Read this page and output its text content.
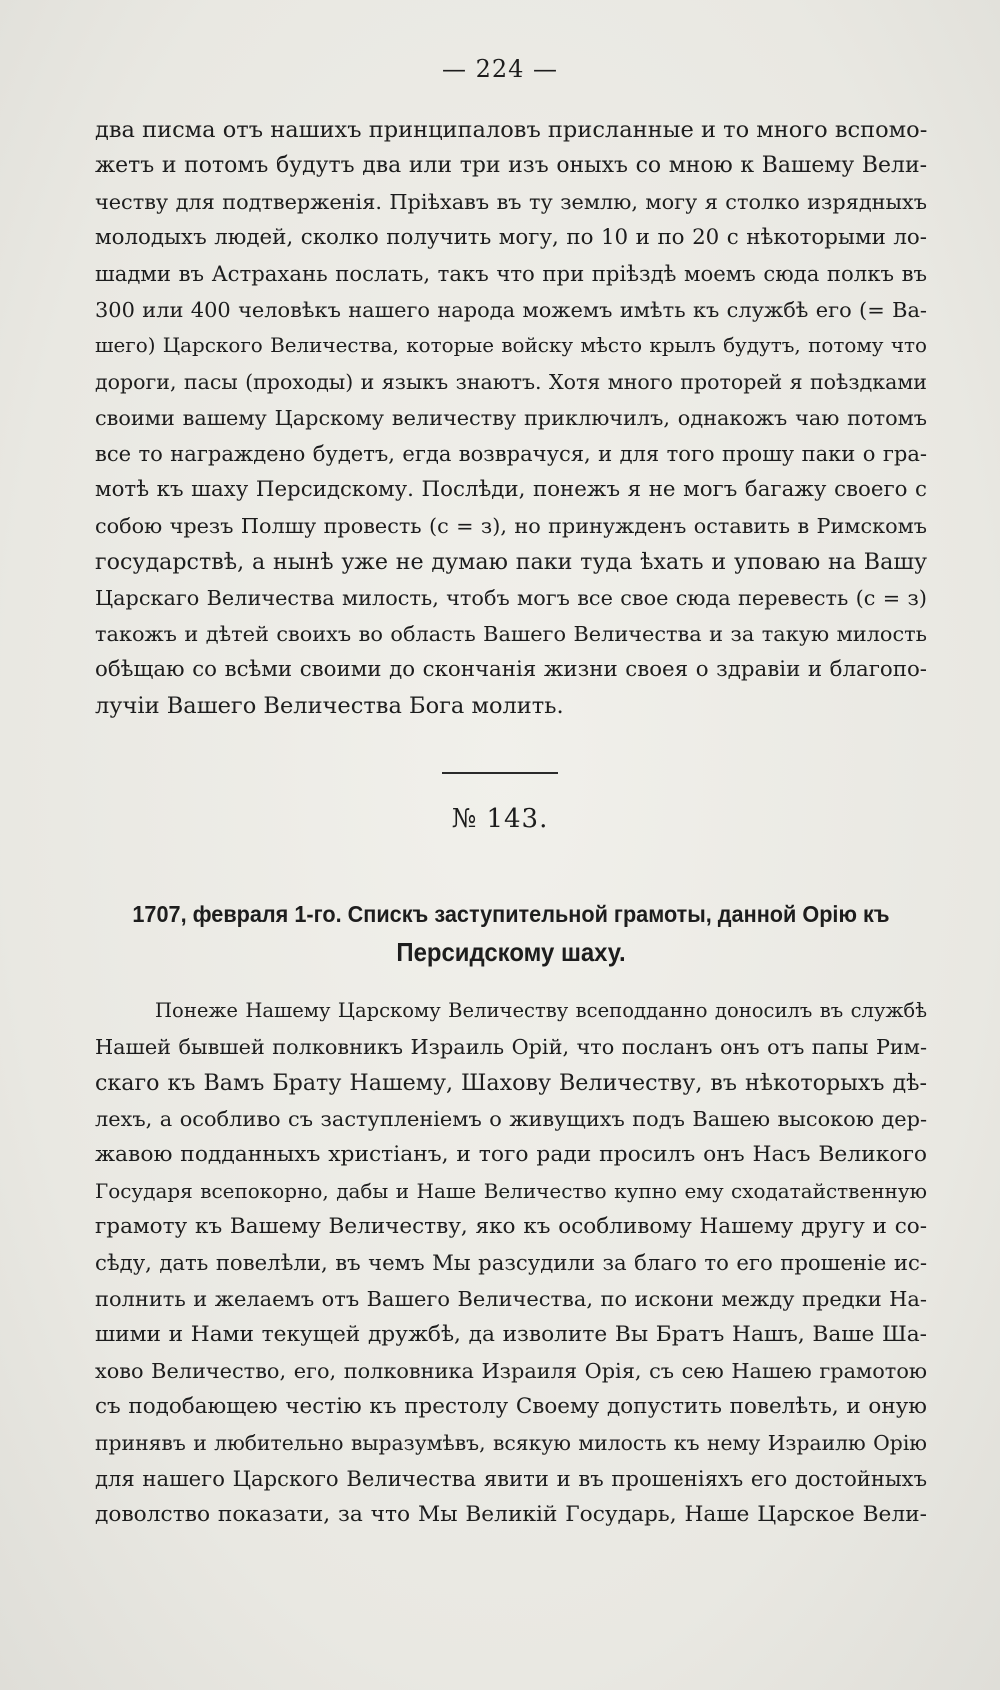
— 224 —
два писма отъ нашихъ принципаловъ присланные и то много вспомо-
жетъ и потомъ будутъ два или три изъ оныхъ со мною к Вашему Вели-
честву для подтверженія. Пріѣхавъ въ ту землю, могу я столко изрядныхъ
молодыхъ людей, сколко получить могу, по 10 и по 20 с нѣкоторыми ло-
шадми въ Астрахань послать, такъ что при пріѣздѣ моемъ сюда полкъ въ
300 или 400 человѣкъ нашего народа можемъ имѣть къ службѣ его (= Ва-
шего) Царского Величества, которые войску мѣсто крылъ будутъ, потому что
дороги, пасы (проходы) и языкъ знаютъ. Хотя много проторей я поѣздками
своими вашему Царскому величеству приключилъ, однакожъ чаю потомъ
все то награждено будетъ, егда возврачуся, и для того прошу паки о гра-
мотѣ къ шаху Персидскому. Послѣди, понежъ я не могъ багажу своего с
собою чрезъ Полшу провесть (с = з), но принужденъ оставить в Римскомъ
государствѣ, а нынѣ уже не думаю паки туда ѣхать и уповаю на Вашу
Царскаго Величества милость, чтобъ могъ все свое сюда перевесть (с = з)
такожъ и дѣтей своихъ во область Вашего Величества и за такую милость
обѣщаю со всѣми своими до скончанія жизни своея о здравіи и благопо-
лучіи Вашего Величества Бога молить.
№ 143.
1707, февраля 1-го. Спискъ заступительной грамоты, данной Орію къ
Персидскому шаху.
Понеже Нашему Царскому Величеству всеподданно доносилъ въ службѣ
Нашей бывшей полковникъ Израиль Орій, что посланъ онъ отъ папы Рим-
скаго къ Вамъ Брату Нашему, Шахову Величеству, въ нѣкоторыхъ дѣ-
лехъ, а особливо съ заступленіемъ о живущихъ подъ Вашею высокою дер-
жавою подданныхъ христіанъ, и того ради просилъ онъ Насъ Великого
Государя всепокорно, дабы и Наше Величество купно ему сходатайственную
грамоту къ Вашему Величеству, яко къ особливому Нашему другу и со-
сѣду, дать повелѣли, въ чемъ Мы разсудили за благо то его прошеніе ис-
полнить и желаемъ отъ Вашего Величества, по искони между предки На-
шими и Нами текущей дружбѣ, да изволите Вы Братъ Нашъ, Ваше Ша-
хово Величество, его, полковника Израиля Орія, съ сею Нашею грамотою
съ подобающею честію къ престолу Своему допустить повелѣть, и оную
принявъ и любительно выразумѣвъ, всякую милость къ нему Израилю Орію
для нашего Царского Величества явити и въ прошеніяхъ его достойныхъ
доволство показати, за что Мы Великій Государь, Наше Царское Вели-
